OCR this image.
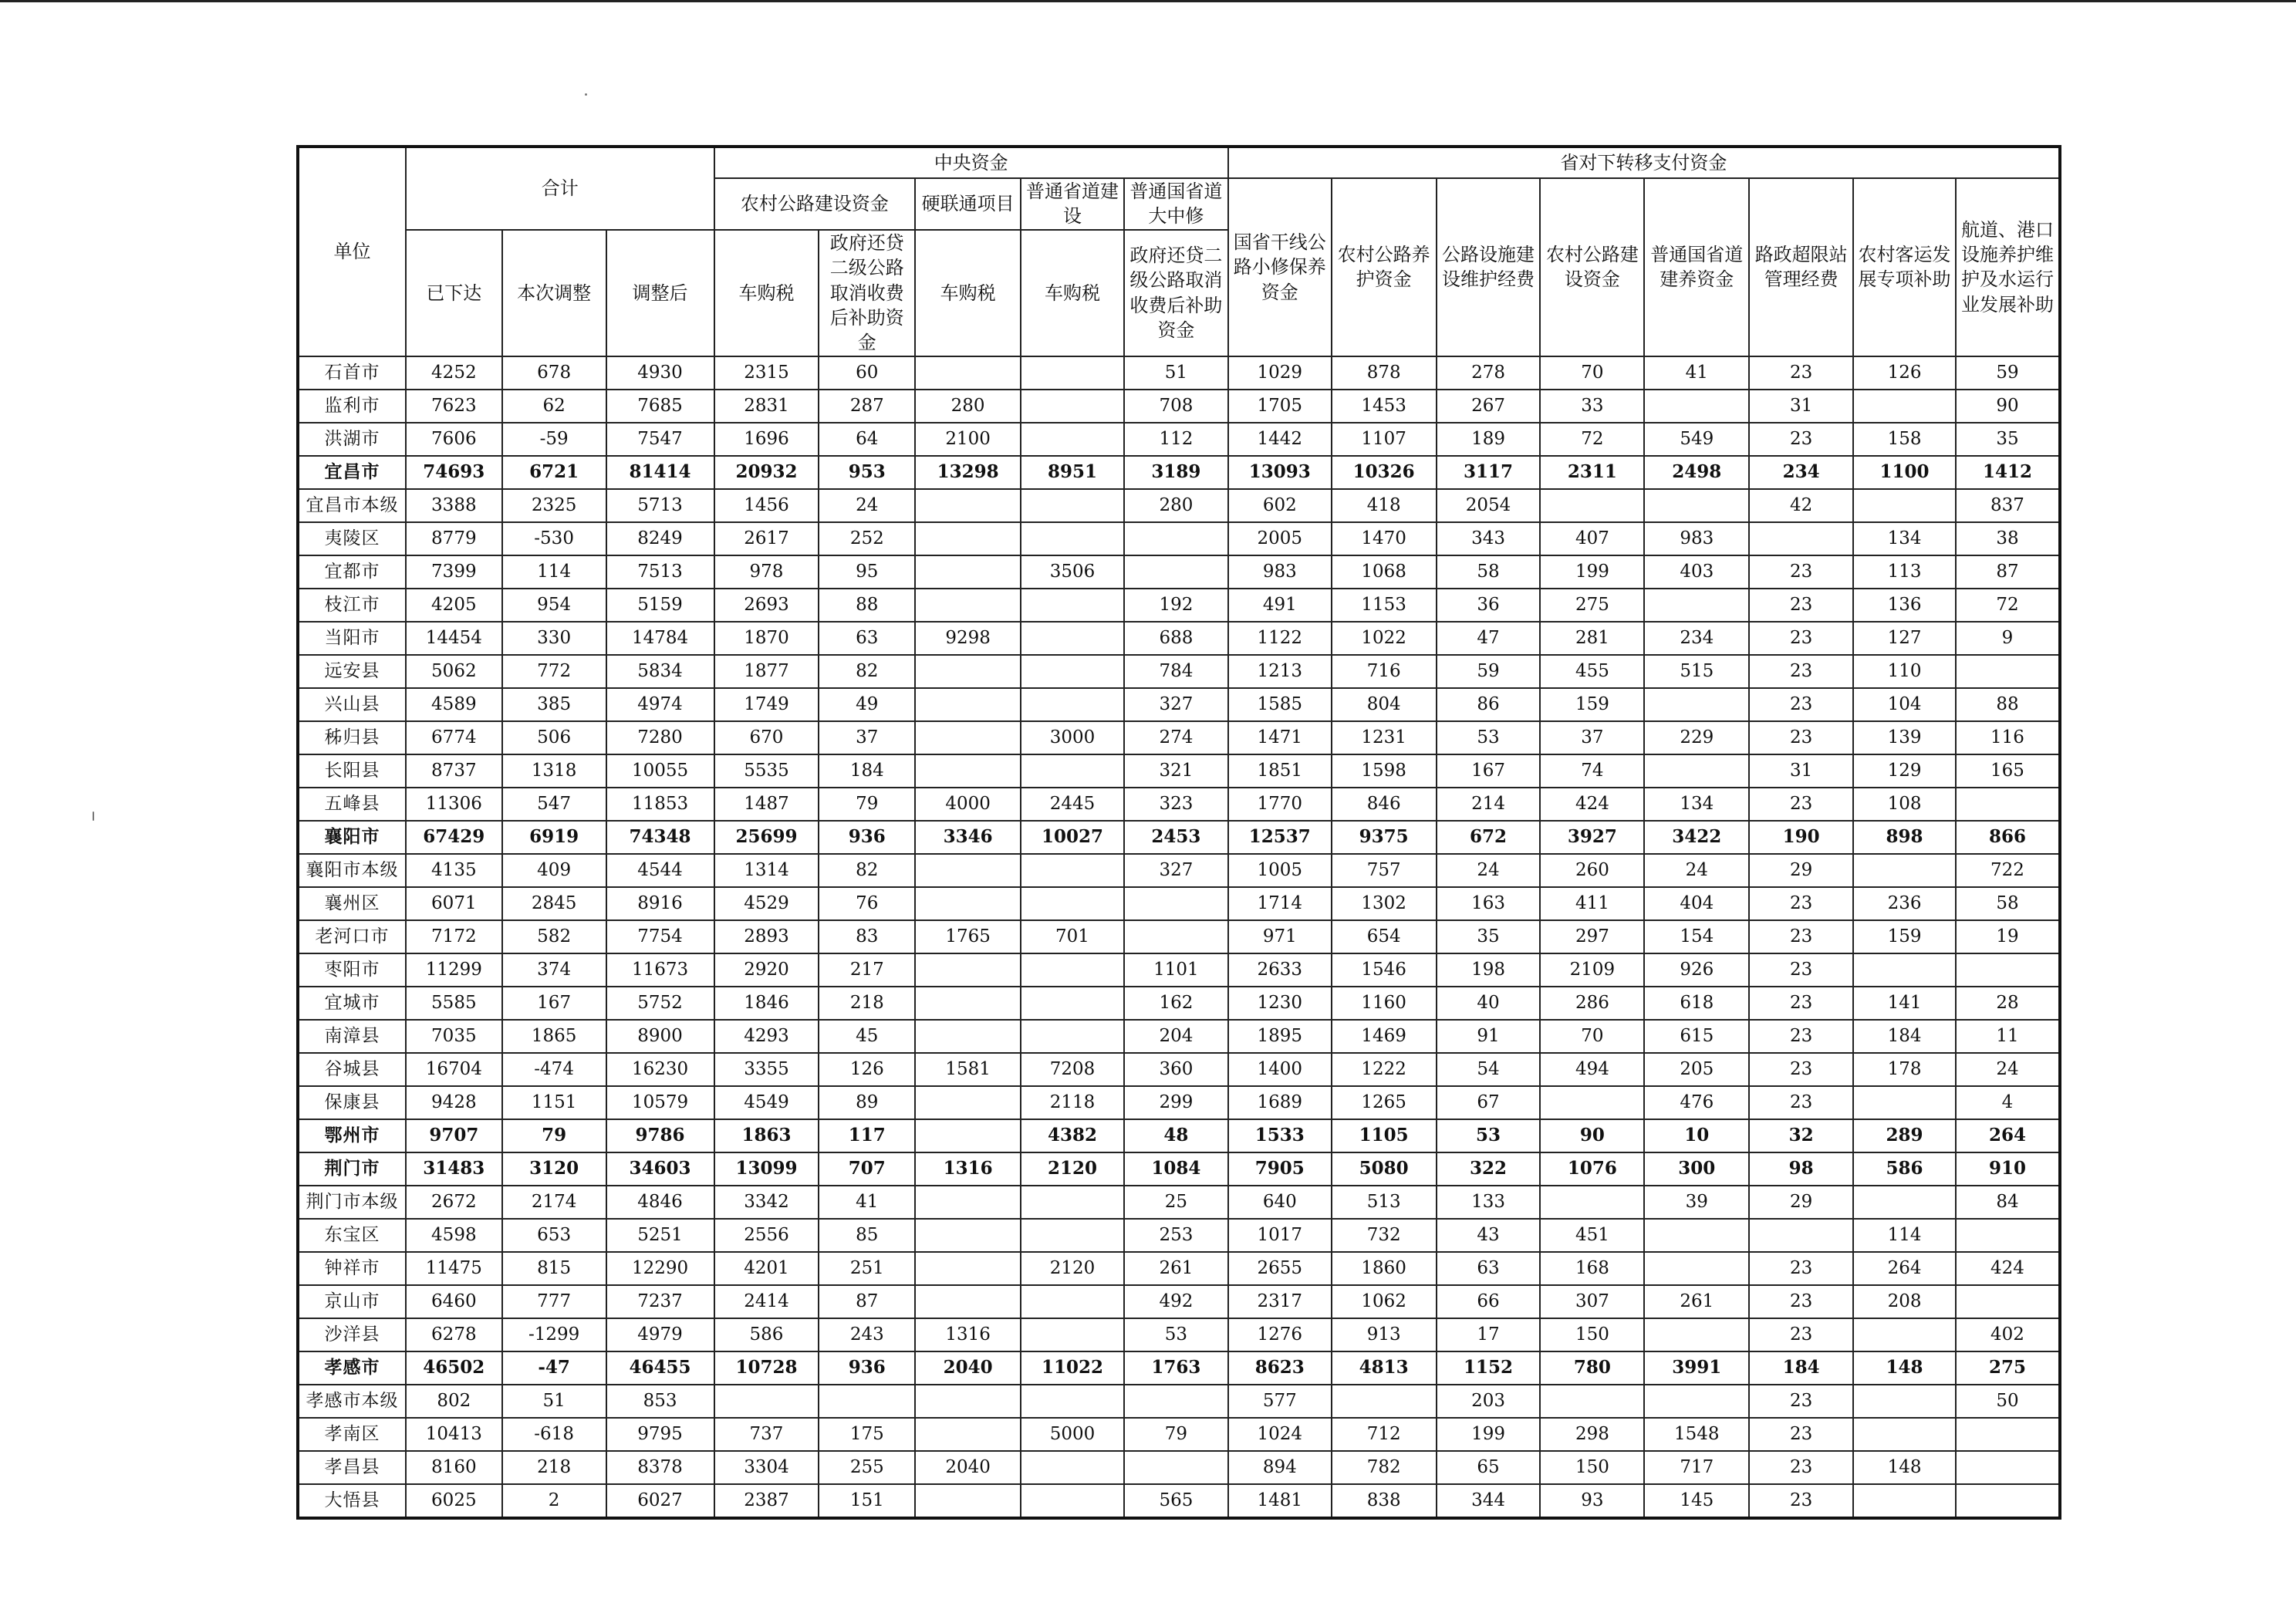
单位	合计			中央资金					省对下转移支付资金							
				农村公路建设资金		硬联通项目	普通省道建设	普通国省道大中修	国省干线公路小修保养资金	农村公路养护资金	公路设施建设维护经费	农村公路建设资金	普通国省道建养资金	路政超限站管理经费	农村客运发展专项补助	航道、港口设施养护维护及水运行业发展补助
	已下达	本次调整	调整后	车购税	政府还贷二级公路取消收费后补助资金	车购税	车购税	政府还贷二级公路取消收费后补助资金								
石首市	4252	678	4930	2315	60			51	1029	878	278	70	41	23	126	59
监利市	7623	62	7685	2831	287	280		708	1705	1453	267	33		31		90
洪湖市	7606	-59	7547	1696	64	2100		112	1442	1107	189	72	549	23	158	35
宜昌市	74693	6721	81414	20932	953	13298	8951	3189	13093	10326	3117	2311	2498	234	1100	1412
宜昌市本级	3388	2325	5713	1456	24			280	602	418	2054			42		837
夷陵区	8779	-530	8249	2617	252				2005	1470	343	407	983		134	38
宜都市	7399	114	7513	978	95		3506		983	1068	58	199	403	23	113	87
枝江市	4205	954	5159	2693	88			192	491	1153	36	275		23	136	72
当阳市	14454	330	14784	1870	63	9298		688	1122	1022	47	281	234	23	127	9
远安县	5062	772	5834	1877	82			784	1213	716	59	455	515	23	110	
兴山县	4589	385	4974	1749	49			327	1585	804	86	159		23	104	88
秭归县	6774	506	7280	670	37		3000	274	1471	1231	53	37	229	23	139	116
长阳县	8737	1318	10055	5535	184			321	1851	1598	167	74		31	129	165
五峰县	11306	547	11853	1487	79	4000	2445	323	1770	846	214	424	134	23	108	
襄阳市	67429	6919	74348	25699	936	3346	10027	2453	12537	9375	672	3927	3422	190	898	866
襄阳市本级	4135	409	4544	1314	82			327	1005	757	24	260	24	29		722
襄州区	6071	2845	8916	4529	76				1714	1302	163	411	404	23	236	58
老河口市	7172	582	7754	2893	83	1765	701		971	654	35	297	154	23	159	19
枣阳市	11299	374	11673	2920	217			1101	2633	1546	198	2109	926	23		
宜城市	5585	167	5752	1846	218			162	1230	1160	40	286	618	23	141	28
南漳县	7035	1865	8900	4293	45			204	1895	1469	91	70	615	23	184	11
谷城县	16704	-474	16230	3355	126	1581	7208	360	1400	1222	54	494	205	23	178	24
保康县	9428	1151	10579	4549	89		2118	299	1689	1265	67		476	23		4
鄂州市	9707	79	9786	1863	117		4382	48	1533	1105	53	90	10	32	289	264
荆门市	31483	3120	34603	13099	707	1316	2120	1084	7905	5080	322	1076	300	98	586	910
荆门市本级	2672	2174	4846	3342	41			25	640	513	133		39	29		84
东宝区	4598	653	5251	2556	85			253	1017	732	43	451			114	
钟祥市	11475	815	12290	4201	251		2120	261	2655	1860	63	168		23	264	424
京山市	6460	777	7237	2414	87			492	2317	1062	66	307	261	23	208	
沙洋县	6278	-1299	4979	586	243	1316		53	1276	913	17	150		23		402
孝感市	46502	-47	46455	10728	936	2040	11022	1763	8623	4813	1152	780	3991	184	148	275
孝感市本级	802	51	853						577		203			23		50
孝南区	10413	-618	9795	737	175		5000	79	1024	712	199	298	1548	23		
孝昌县	8160	218	8378	3304	255	2040			894	782	65	150	717	23	148	
大悟县	6025	2	6027	2387	151			565	1481	838	344	93	145	23		
